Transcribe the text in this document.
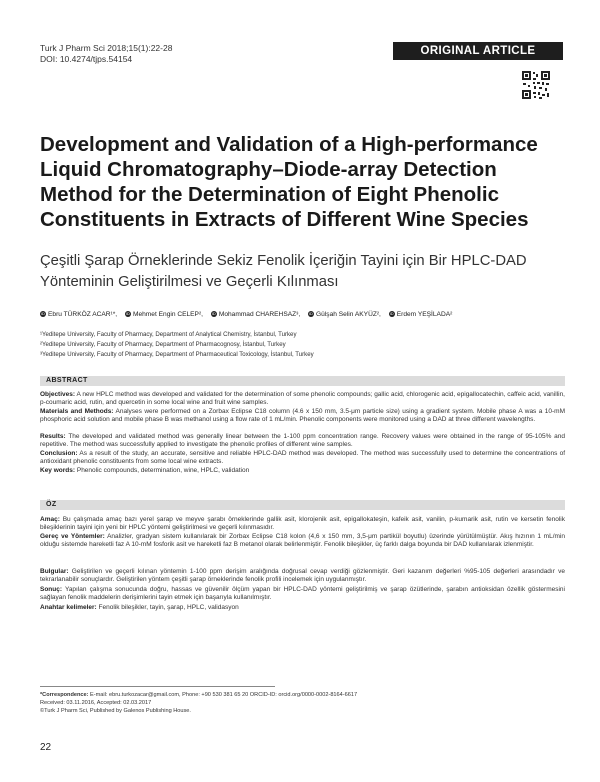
Turk J Pharm Sci 2018;15(1):22-28
DOI: 10.4274/tjps.54154
ORIGINAL ARTICLE
Development and Validation of a High-performance Liquid Chromatography–Diode-array Detection Method for the Determination of Eight Phenolic Constituents in Extracts of Different Wine Species
Çeşitli Şarap Örneklerinde Sekiz Fenolik İçeriğin Tayini için Bir HPLC-DAD Yönteminin Geliştirilmesi ve Geçerli Kılınması
iD Ebru TÜRKÖZ ACAR¹*, iD Mehmet Engin CELEP², iD Mohammad CHAREHSAZ³, iD Gülşah Selin AKYÜZ², iD Erdem YEŞİLADA²
¹Yeditepe University, Faculty of Pharmacy, Department of Analytical Chemistry, İstanbul, Turkey
²Yeditepe University, Faculty of Pharmacy, Department of Pharmacognosy, İstanbul, Turkey
³Yeditepe University, Faculty of Pharmacy, Department of Pharmaceutical Toxicology, İstanbul, Turkey
ABSTRACT
Objectives: A new HPLC method was developed and validated for the determination of some phenolic compounds; gallic acid, chlorogenic acid, epigallocatechin, caffeic acid, vanillin, p-coumaric acid, rutin, and quercetin in some local wine and fruit wine samples.
Materials and Methods: Analyses were performed on a Zorbax Eclipse C18 column (4.6 x 150 mm, 3.5-μm particle size) using a gradient system. Mobile phase A was a 10-mM phosphoric acid solution and mobile phase B was methanol using a flow rate of 1 mL/min. Phenolic components were monitored using a DAD at three different wavelengths.
Results: The developed and validated method was generally linear between the 1-100 ppm concentration range. Recovery values were obtained in the range of 95-105% and repetitive. The method was successfully applied to investigate the phenolic profiles of different wine samples.
Conclusion: As a result of the study, an accurate, sensitive and reliable HPLC-DAD method was developed. The method was successfully used to determine the concentrations of antioxidant phenolic constituents from some local wine extracts.
Key words: Phenolic compounds, determination, wine, HPLC, validation
ÖZ
Amaç: Bu çalışmada amaç bazı yerel şarap ve meyve şarabı örneklerinde gallik asit, klorojenik asit, epigallokateşin, kafeik asit, vanilin, p-kumarik asit, rutin ve kersetin fenolik bileşiklerinin tayini için yeni bir HPLC yöntemi geliştirilmesi ve geçerli kılınmasıdır.
Gereç ve Yöntemler: Analizler, gradyan sistem kullanılarak bir Zorbax Eclipse C18 kolon (4,6 x 150 mm, 3,5-μm partikül boyutlu) üzerinde yürütülmüştür. Akış hızının 1 mL/min olduğu sistemde hareketli faz A 10-mM fosforik asit ve hareketli faz B metanol olarak belirlenmiştir. Fenolik bileşikler, üç farklı dalga boyunda bir DAD kullanılarak izlenmiştir.
Bulgular: Geliştirilen ve geçerli kılınan yöntemin 1-100 ppm derişim aralığında doğrusal cevap verdiği gözlenmiştir. Geri kazanım değerleri %95-105 değerleri arasındadır ve tekrarlanabilir sonuçlardır. Geliştirilen yöntem çeşitli şarap örneklerinde fenolik profili incelemek için uygulanmıştır.
Sonuç: Yapılan çalışma sonucunda doğru, hassas ve güvenilir ölçüm yapan bir HPLC-DAD yöntemi geliştirilmiş ve şarap özütlerinde, şarabın antioksidan özellik göstermesini sağlayan fenolik maddelerin derişimlerini tayin etmek için başarıyla kullanılmıştır.
Anahtar kelimeler: Fenolik bileşikler, tayin, şarap, HPLC, validasyon
*Correspondence: E-mail: ebru.turkozacar@gmail.com, Phone: +90 530 381 65 20 ORCID-ID: orcid.org/0000-0002-8164-6617
Received: 03.11.2016, Accepted: 02.03.2017
©Turk J Pharm Sci, Published by Galenos Publishing House.
22
